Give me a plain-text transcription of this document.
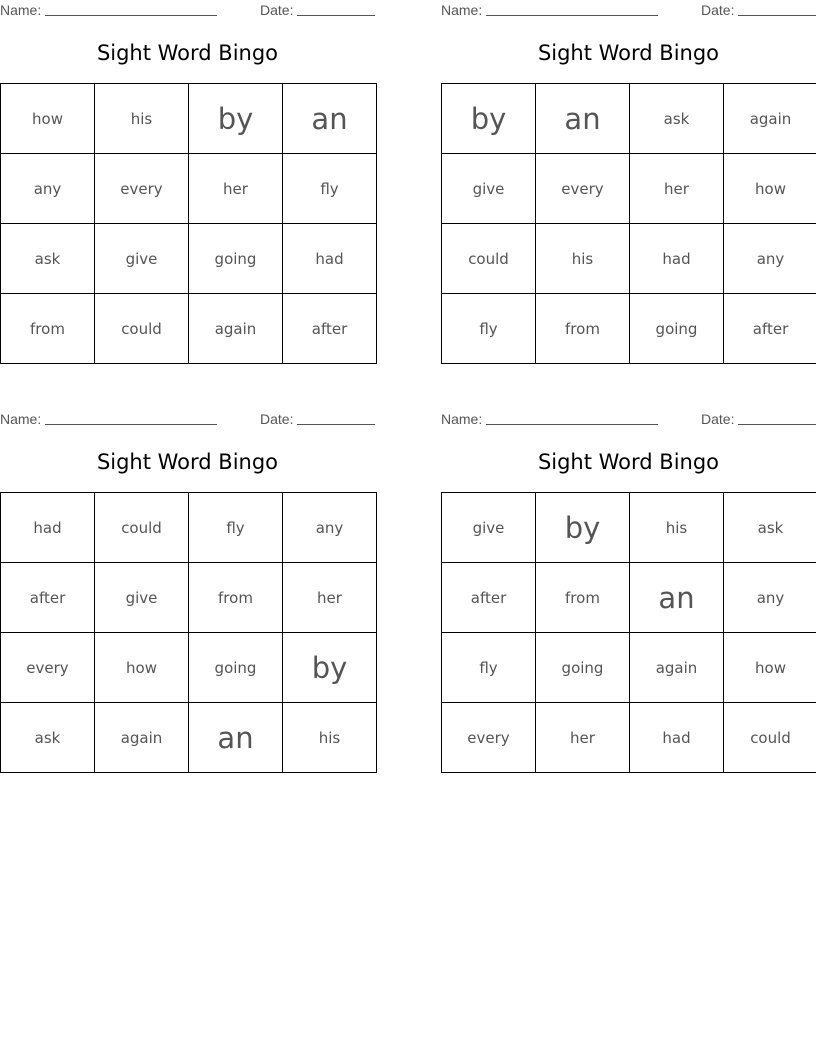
Name:	Date:
Sight Word Bingo
how	his	by	an
any	every	her	fly
ask	give	going	had
from	could	again	after
Name:	Date:
Sight Word Bingo
by	an	ask	again
give	every	her	how
could	his	had	any
fly	from	going	after
Name:	Date:
Sight Word Bingo
had	could	fly	any
after	give	from	her
every	how	going	by
ask	again	an	his
Name:	Date:
Sight Word Bingo
give	by	his	ask
after	from	an	any
fly	going	again	how
every	her	had	could
